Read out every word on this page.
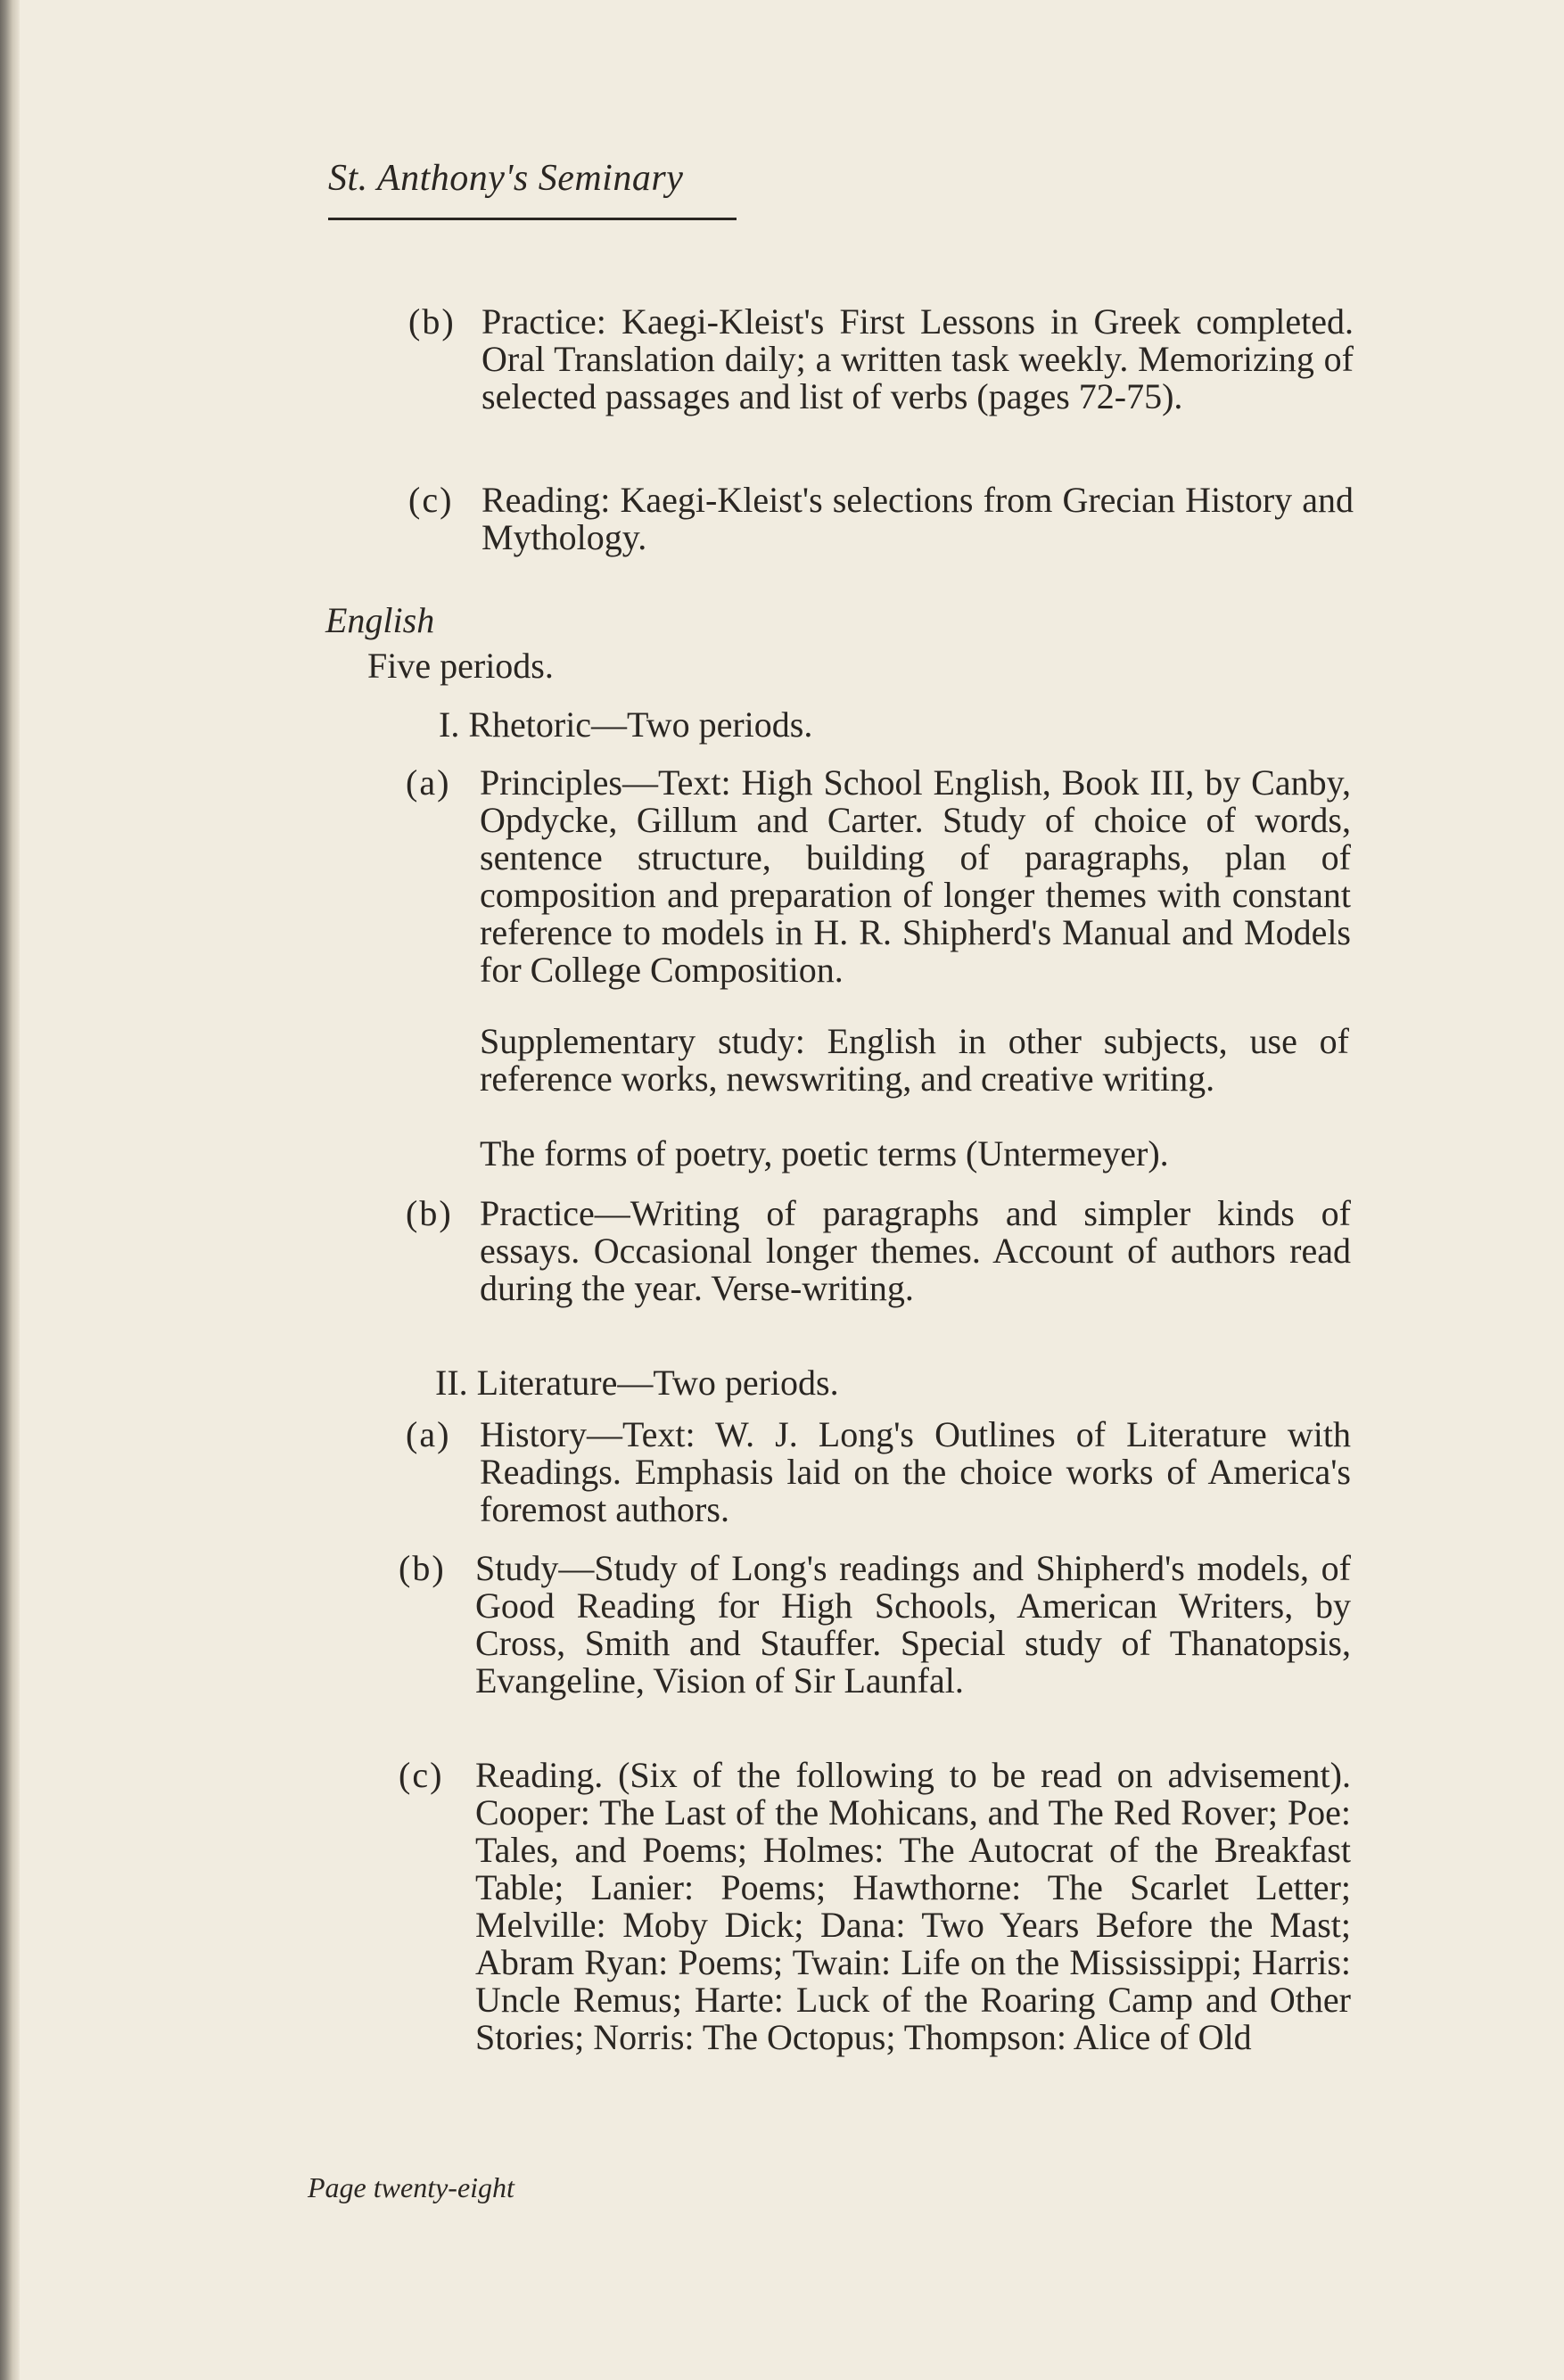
St. Anthony's Seminary
(b) Practice: Kaegi-Kleist's First Lessons in Greek completed. Oral Translation daily; a written task weekly. Memorizing of selected passages and list of verbs (pages 72-75).
(c) Reading: Kaegi-Kleist's selections from Grecian History and Mythology.
English
Five periods.
I. Rhetoric—Two periods.
(a) Principles—Text: High School English, Book III, by Canby, Opdycke, Gillum and Carter. Study of choice of words, sentence structure, building of paragraphs, plan of composition and preparation of longer themes with constant reference to models in H. R. Shipherd's Manual and Models for College Composition.
Supplementary study: English in other subjects, use of reference works, newswriting, and creative writing.
The forms of poetry, poetic terms (Untermeyer).
(b) Practice—Writing of paragraphs and simpler kinds of essays. Occasional longer themes. Account of authors read during the year. Verse-writing.
II. Literature—Two periods.
(a) History—Text: W. J. Long's Outlines of Literature with Readings. Emphasis laid on the choice works of America's foremost authors.
(b) Study—Study of Long's readings and Shipherd's models, of Good Reading for High Schools, American Writers, by Cross, Smith and Stauffer. Special study of Thanatopsis, Evangeline, Vision of Sir Launfal.
(c) Reading. (Six of the following to be read on advisement). Cooper: The Last of the Mohicans, and The Red Rover; Poe: Tales, and Poems; Holmes: The Autocrat of the Breakfast Table; Lanier: Poems; Hawthorne: The Scarlet Letter; Melville: Moby Dick; Dana: Two Years Before the Mast; Abram Ryan: Poems; Twain: Life on the Mississippi; Harris: Uncle Remus; Harte: Luck of the Roaring Camp and Other Stories; Norris: The Octopus; Thompson: Alice of Old
Page twenty-eight
